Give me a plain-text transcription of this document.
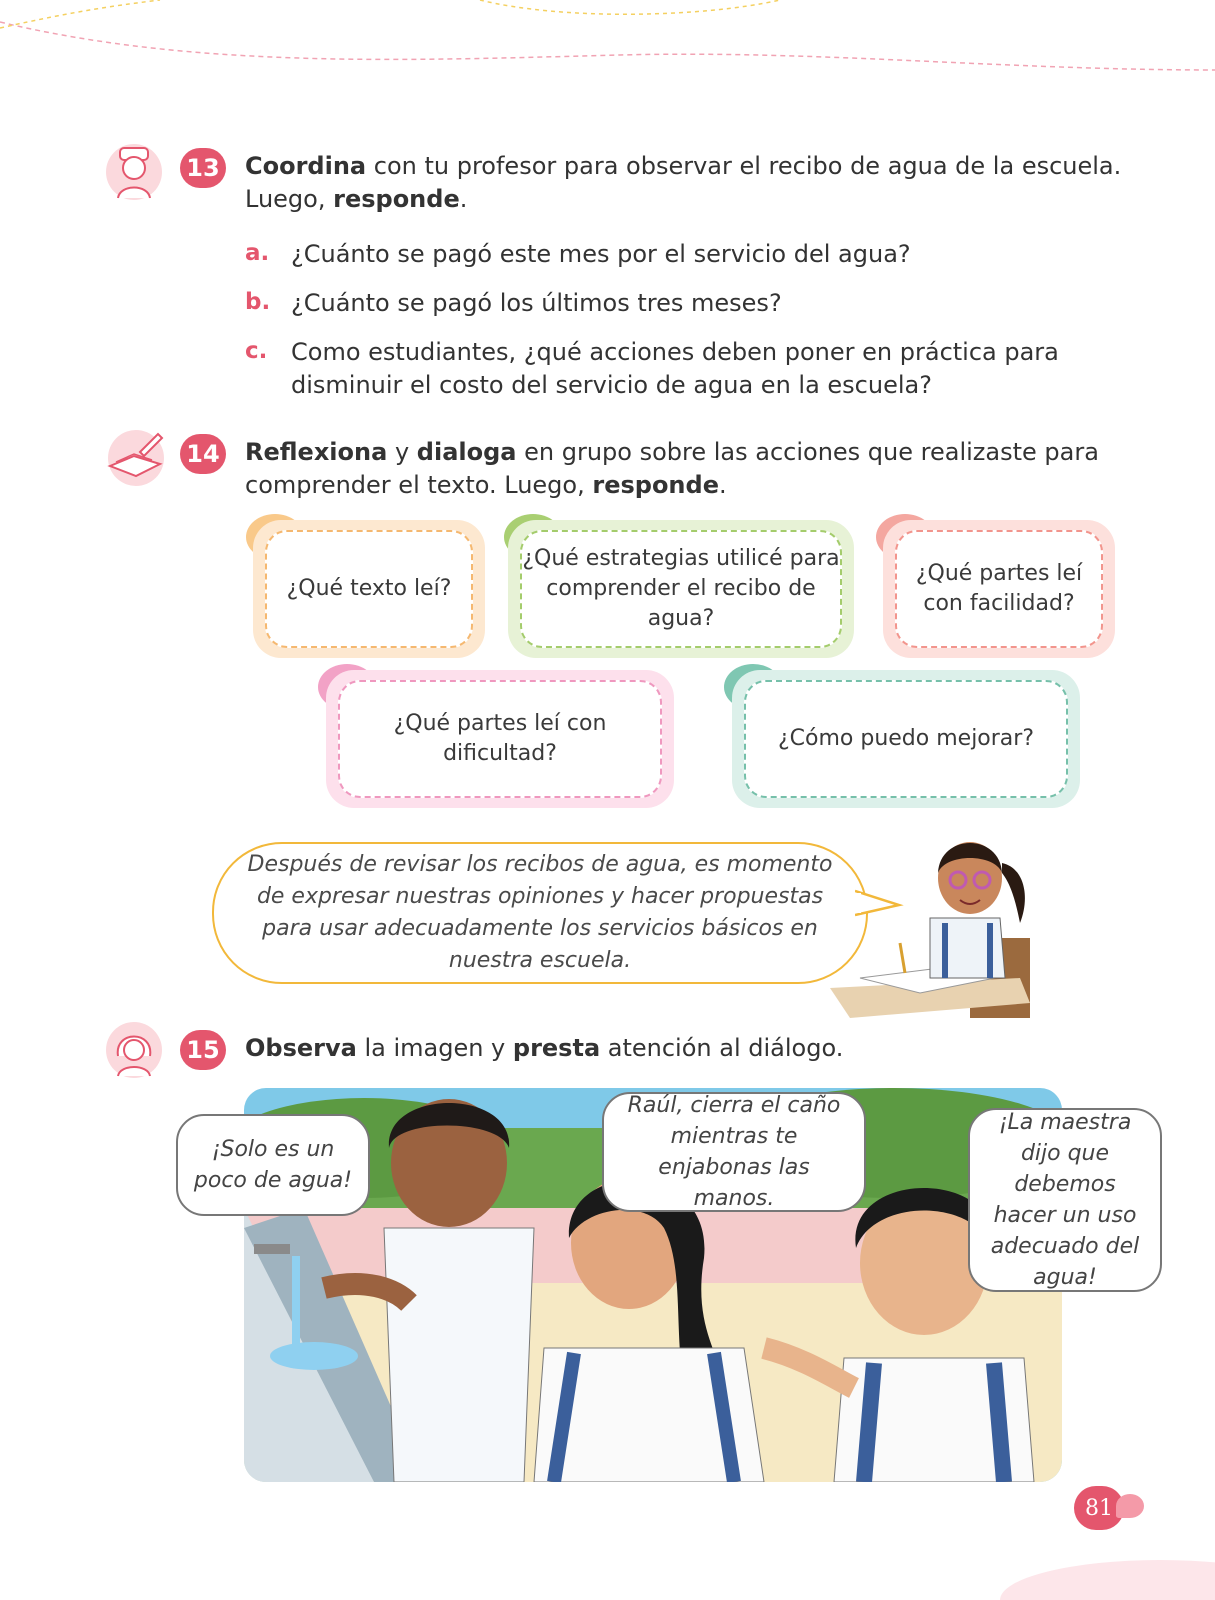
13 Coordina con tu profesor para observar el recibo de agua de la escuela. Luego, responde.
a. ¿Cuánto se pagó este mes por el servicio del agua?
b. ¿Cuánto se pagó los últimos tres meses?
c. Como estudiantes, ¿qué acciones deben poner en práctica para disminuir el costo del servicio de agua en la escuela?
14 Reflexiona y dialoga en grupo sobre las acciones que realizaste para comprender el texto. Luego, responde.
¿Qué texto leí?
¿Qué estrategias utilicé para comprender el recibo de agua?
¿Qué partes leí con facilidad?
¿Qué partes leí con dificultad?
¿Cómo puedo mejorar?
Después de revisar los recibos de agua, es momento de expresar nuestras opiniones y hacer propuestas para usar adecuadamente los servicios básicos en nuestra escuela.
15 Observa la imagen y presta atención al diálogo.
¡Solo es un poco de agua!
Raúl, cierra el caño mientras te enjabonas las manos.
¡La maestra dijo que debemos hacer un uso adecuado del agua!
81
